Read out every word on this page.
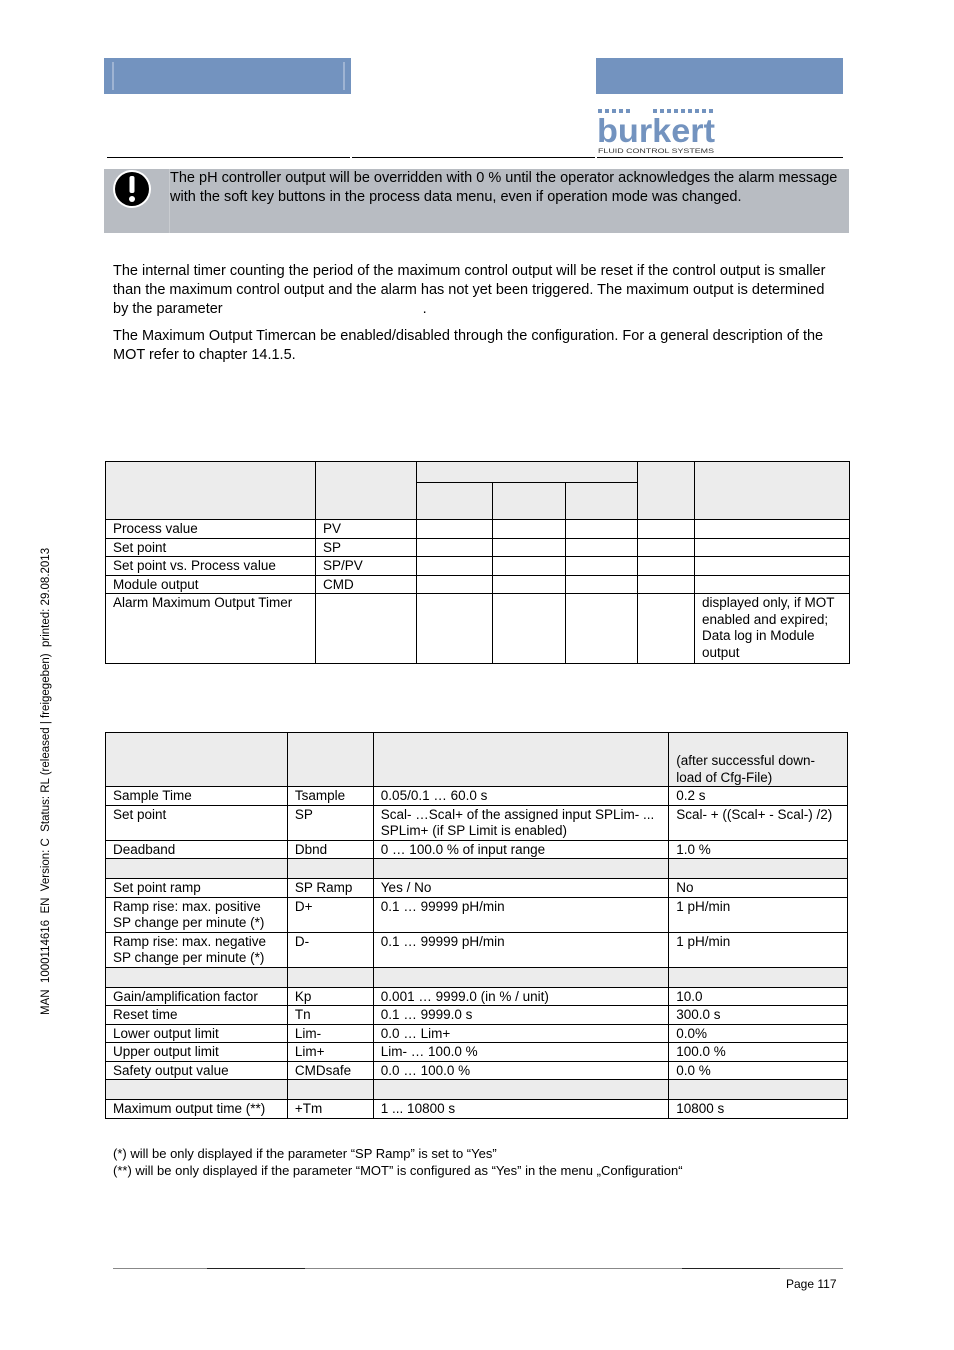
burkert
FLUID CONTROL SYSTEMS
The pH controller output will be overridden with 0 % until the operator acknowledges the alarm message with the soft key buttons in the process data menu, even if operation mode was changed.
The internal timer counting the period of the maximum control output will be reset if the control output is smaller than the maximum control output and the alarm has not yet been triggered. The maximum output is determined by the parameter	.
The Maximum Output Timercan be enabled/disabled through the configuration. For a general description of the MOT refer to chapter 14.1.5.

Process value	PV					
Set point	SP					
Set point vs. Process value	SP/PV					
Module output	CMD					
Alarm Maximum Output Timer						displayed only, if MOT enabled and expired; Data log in Module output
			(after successful down-load of Cfg-File)
Sample Time	Tsample	0.05/0.1 … 60.0 s	0.2 s
Set point	SP	Scal- …Scal+ of the assigned input SPLim- ... SPLim+ (if SP Limit is enabled)	Scal- + ((Scal+ - Scal-) /2)
Deadband	Dbnd	0 … 100.0 % of input range	1.0 %

Set point ramp	SP Ramp	Yes / No	No
Ramp rise: max. positive SP change per minute (*)	D+	0.1 … 99999 pH/min	1 pH/min
Ramp rise: max. negative SP change per minute (*)	D-	0.1 … 99999 pH/min	1 pH/min

Gain/amplification factor	Kp	0.001 … 9999.0 (in % / unit)	10.0
Reset time	Tn	0.1 … 9999.0 s	300.0 s
Lower output limit	Lim-	0.0 … Lim+	0.0%
Upper output limit	Lim+	Lim- … 100.0 %	100.0 %
Safety output value	CMDsafe	0.0 … 100.0 %	0.0 %

Maximum output time (**)	+Tm	1 ... 10800 s	10800 s
(*) will be only displayed if the parameter “SP Ramp” is set to “Yes”
(**) will be only displayed if the parameter “MOT” is configured as “Yes” in the menu „Configuration“
MAN  1000114616  EN  Version: C  Status: RL (released | freigegeben)  printed: 29.08.2013
Page 117
